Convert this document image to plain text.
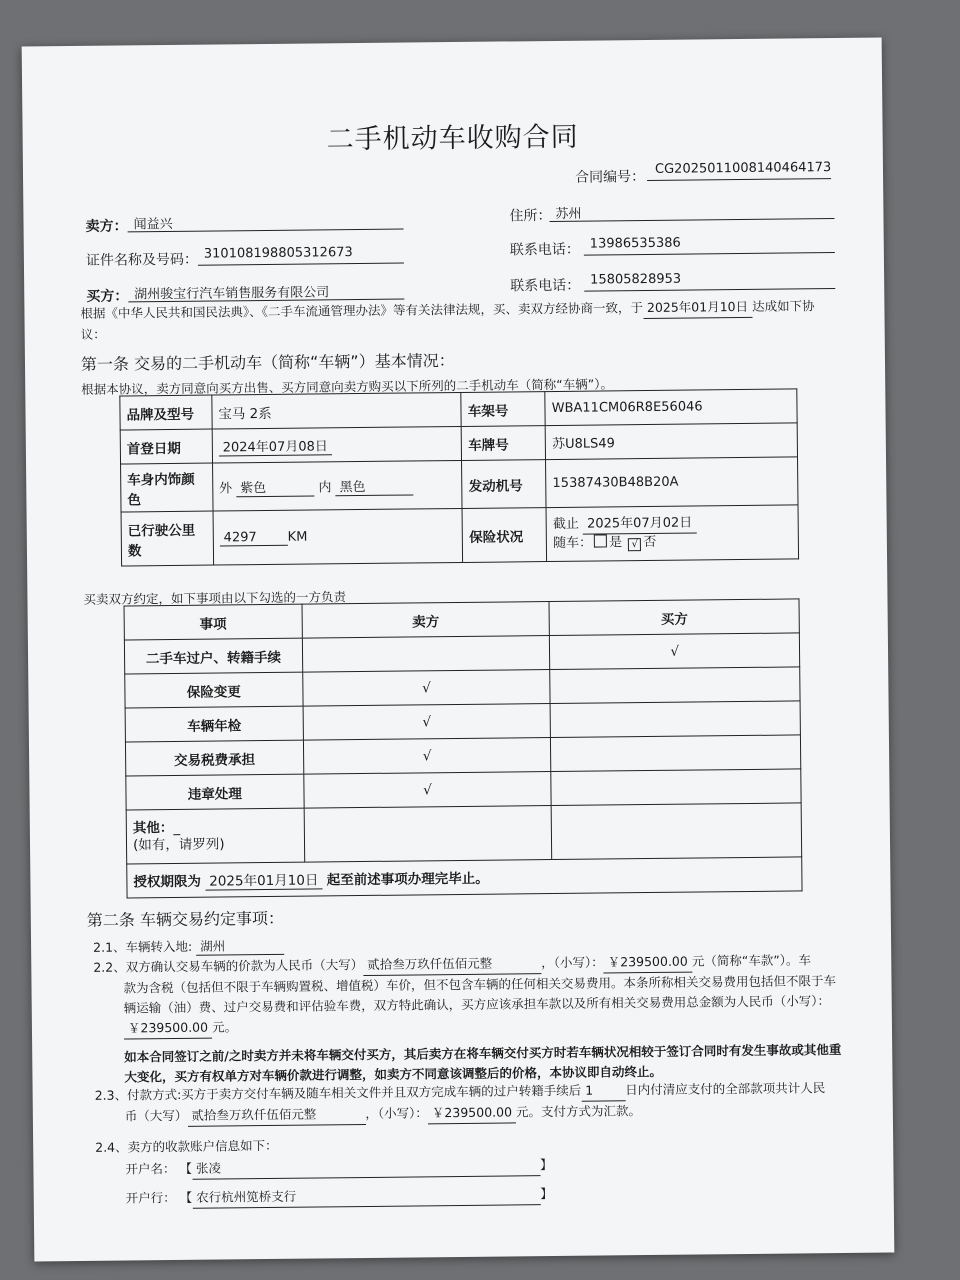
二手机动车收购合同
合同编号：
CG2025011008140464173
卖方： 闻益兴
住所： 苏州
证件名称及号码： 310108198805312673	联系电话： 13986535386
买方： 湖州骏宝行汽车销售服务有限公司	联系电话： 15805828953
根据《中华人民共和国民法典》、《二手车流通管理办法》等有关法律法规，买、卖双方经协商一致，于 2025年01月10日 达成如下协
议：
第一条 交易的二手机动车（简称“车辆”）基本情况：
根据本协议，卖方同意向买方出售、买方同意向卖方购买以下所列的二手机动车（简称“车辆”）。
品牌及型号	宝马 2系	车架号	WBA11CM06R8E56046
首登日期	2024年07月08日	车牌号	苏U8LS49
车身内饰颜色	外 紫色 内 黑色	发动机号	15387430B48B20A
已行驶公里数	4297 KM	保险状况	截止 2025年07月02日
随车： 是 √ 否
买卖双方约定，如下事项由以下勾选的一方负责
事项	卖方	买方
二手车过户、转籍手续		√
保险变更	√	
车辆年检	√	
交易税费承担	√	
违章处理	√	
其他：_
(如有，请罗列)		
授权期限为 2025年01月10日 起至前述事项办理完毕止。		
第二条 车辆交易约定事项：
2.1、车辆转入地: 湖州
2.2、双方确认交易车辆的价款为人民币（大写） 贰拾叁万玖仟伍佰元整	，（小写）： ￥239500.00 元（简称“车款”）。车
款为含税（包括但不限于车辆购置税、增值税）车价，但不包含车辆的任何相关交易费用。本条所称相关交易费用包括但不限于车
辆运输（油）费、过户交易费和评估验车费，双方特此确认，买方应该承担车款以及所有相关交易费用总金额为人民币（小写）：
￥239500.00 元。
如本合同签订之前/之时卖方并未将车辆交付买方，其后卖方在将车辆交付买方时若车辆状况相较于签订合同时有发生事故或其他重
大变化，买方有权单方对车辆价款进行调整，如卖方不同意该调整后的价格，本协议即自动终止。
2.3、付款方式:买方于卖方交付车辆及随车相关文件并且双方完成车辆的过户转籍手续后 1	日内付清应支付的全部款项共计人民
币（大写） 贰拾叁万玖仟伍佰元整	，（小写）： ￥239500.00 元。支付方式为汇款。
2.4、卖方的收款账户信息如下：
开户名： 【 张凌	】
开户行： 【 农行杭州笕桥支行	】
